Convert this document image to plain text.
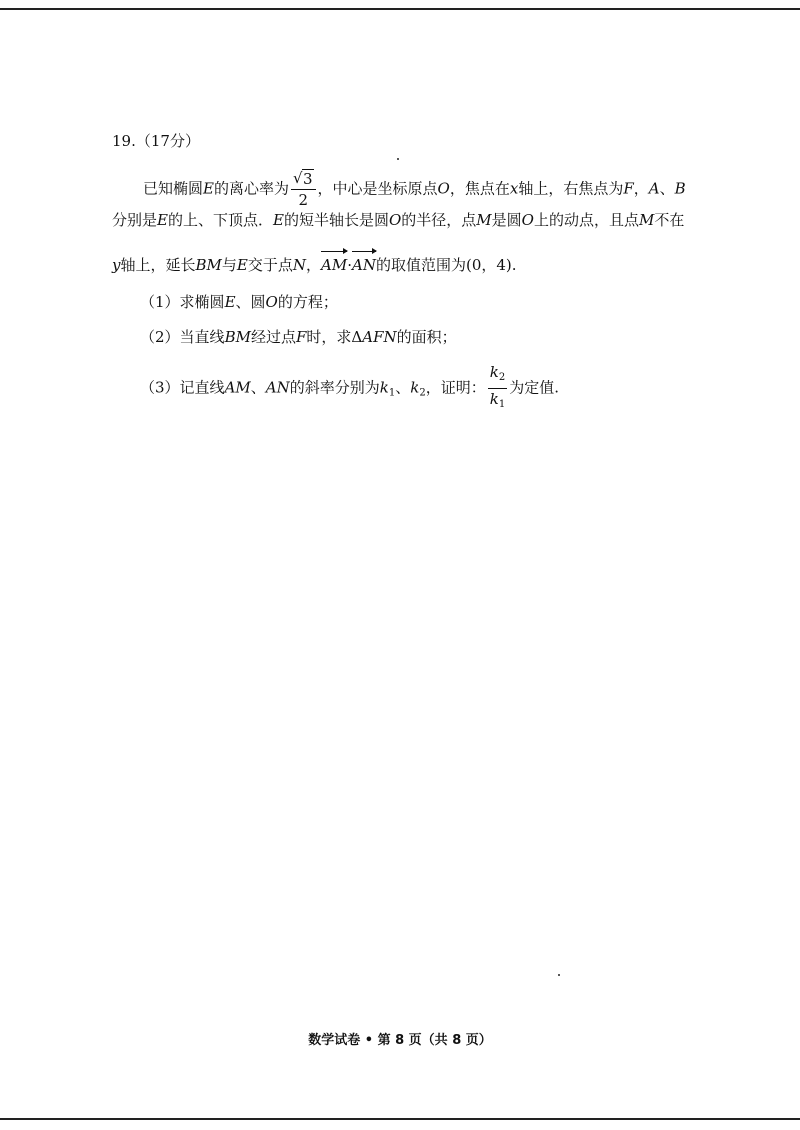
19.（17分）
已知椭圆E的离心率为 $\frac{√ 3}{2}$ ，中心是坐标原点O，焦点在x轴上，右焦点为F，A、B
分别是E的上、下顶点．E的短半轴长是圆O的半径，点M是圆O上的动点，且点M不在
y轴上，延长BM与E交于点N，
AM·
AN的取值范围为(0，4).
（1）求椭圆E、圆O的方程；
（2）当直线BM经过点F时，求ΔAFN的面积；
（3）记直线AM、AN的斜率分别为$k_1$、$k_2$，证明： $\frac{k_2}{k_1}$ 为定值.
数学试卷 • 第 8 页（共 8 页）
